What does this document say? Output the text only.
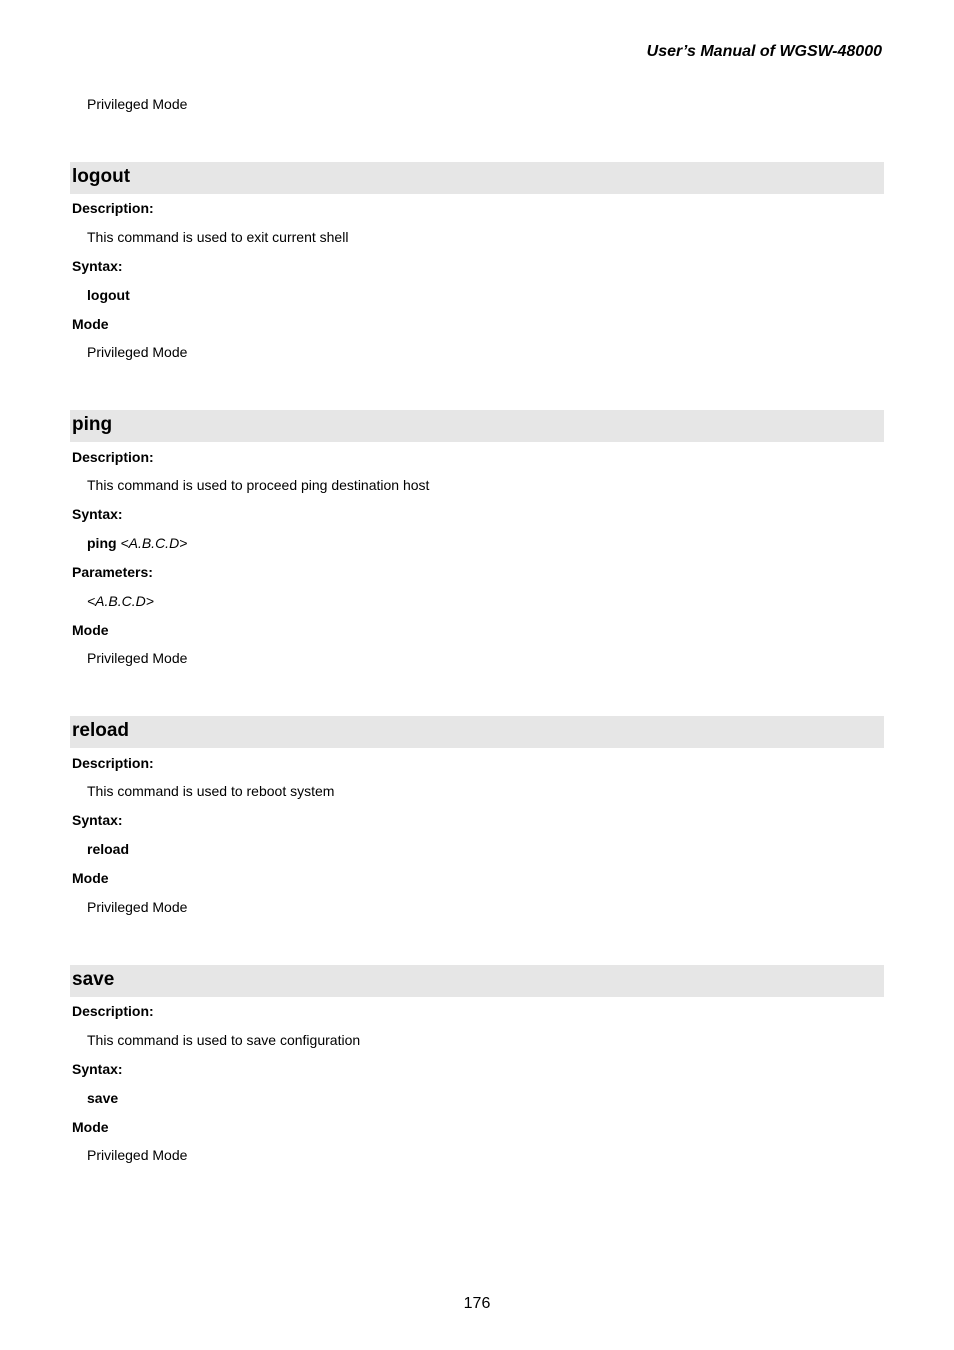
User’s Manual of WGSW-48000
Privileged Mode
logout
Description:
This command is used to exit current shell
Syntax:
logout
Mode
Privileged Mode
ping
Description:
This command is used to proceed ping destination host
Syntax:
ping <A.B.C.D>
Parameters:
<A.B.C.D>
Mode
Privileged Mode
reload
Description:
This command is used to reboot system
Syntax:
reload
Mode
Privileged Mode
save
Description:
This command is used to save configuration
Syntax:
save
Mode
Privileged Mode
176
